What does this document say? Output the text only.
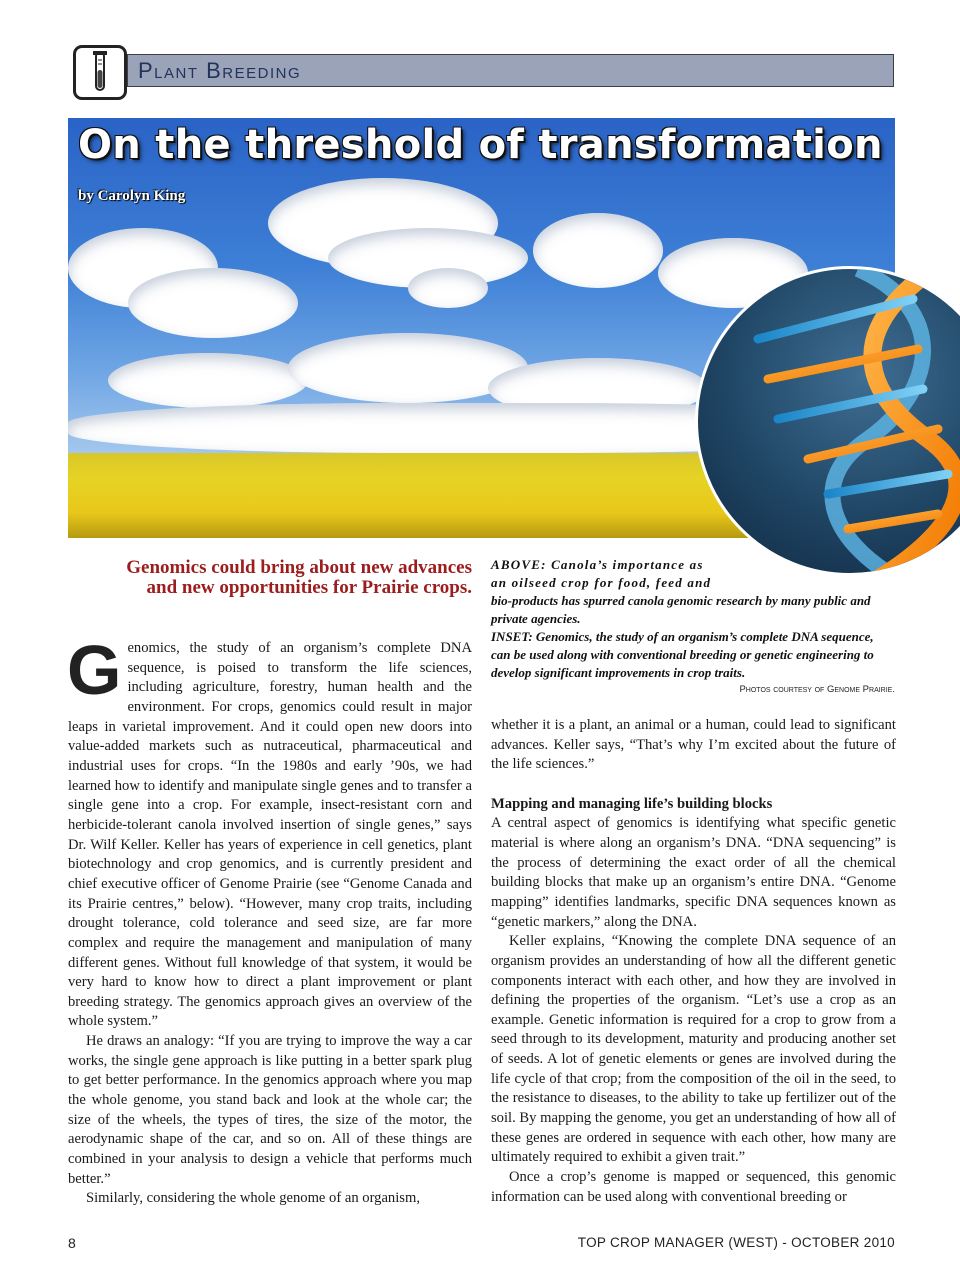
Plant Breeding
On the threshold of transformation
by Carolyn King
Genomics could bring about new advances and new opportunities for Prairie crops.
ABOVE: Canola’s importance as
an oilseed crop for food, feed and
bio-products has spurred canola genomic research by many public and private agencies.
INSET: Genomics, the study of an organism’s complete DNA sequence, can be used along with conventional breeding or genetic engineering to develop significant improvements in crop traits.
Photos courtesy of Genome Prairie.

Genomics, the study of an organism’s complete DNA sequence, is poised to transform the life sciences, including agriculture, forestry, human health and the environment. For crops, genomics could result in major leaps in varietal improvement. And it could open new doors into value-added markets such as nutraceutical, pharmaceutical and industrial uses for crops. “In the 1980s and early ’90s, we had learned how to identify and manipulate single genes and to transfer a single gene into a crop. For example, insect-resistant corn and herbicide-tolerant canola involved insertion of single genes,” says Dr. Wilf Keller. Keller has years of experience in cell genetics, plant biotechnology and crop genomics, and is currently president and chief executive officer of Genome Prairie (see “Genome Canada and its Prairie centres,” below). “However, many crop traits, including drought tolerance, cold tolerance and seed size, are far more complex and require the management and manipulation of many different genes. Without full knowledge of that system, it would be very hard to know how to direct a plant improvement or plant breeding strategy. The genomics approach gives an overview of the whole system.”

He draws an analogy: “If you are trying to improve the way a car works, the single gene approach is like putting in a better spark plug to get better performance. In the genomics approach where you map the whole genome, you stand back and look at the whole car; the size of the wheels, the types of tires, the size of the motor, the aerodynamic shape of the car, and so on. All of these things are combined in your analysis to design a vehicle that performs much better.”

Similarly, considering the whole genome of an organism,

whether it is a plant, an animal or a human, could lead to significant advances. Keller says, “That’s why I’m excited about the future of the life sciences.”

Mapping and managing life’s building blocks

A central aspect of genomics is identifying what specific genetic material is where along an organism’s DNA. “DNA sequencing” is the process of determining the exact order of all the chemical building blocks that make up an organism’s entire DNA. “Genome mapping” identifies landmarks, specific DNA sequences known as “genetic markers,” along the DNA.

Keller explains, “Knowing the complete DNA sequence of an organism provides an understanding of how all the different genetic components interact with each other, and how they are involved in defining the properties of the organism. “Let’s use a crop as an example. Genetic information is required for a crop to grow from a seed through to its development, maturity and producing another set of seeds. A lot of genetic elements or genes are involved during the life cycle of that crop; from the composition of the oil in the seed, to the resistance to diseases, to the ability to take up fertilizer out of the soil. By mapping the genome, you get an understanding of how all of these genes are ordered in sequence with each other, how many are ultimately required to exhibit a given trait.”

Once a crop’s genome is mapped or sequenced, this genomic information can be used along with conventional breeding or

8	TOP CROP MANAGER (WEST) - OCTOBER 2010
